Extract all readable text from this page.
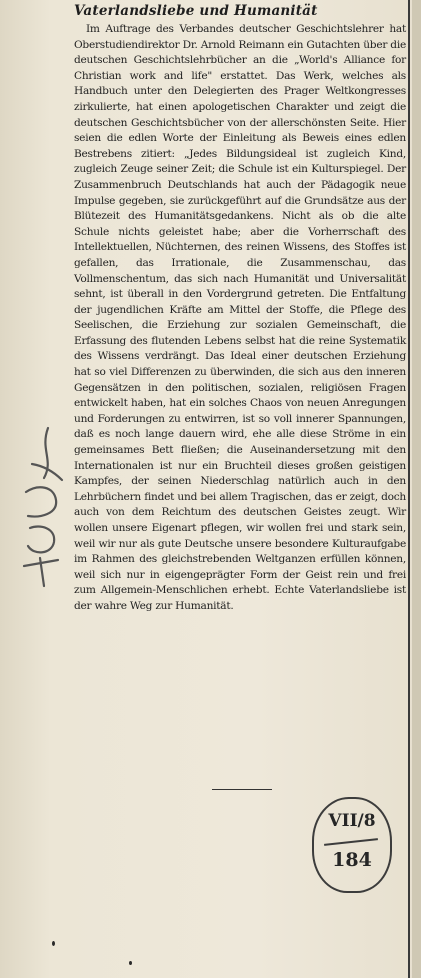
Vaterlandsliebe und Humanität

Im Auftrage des Verbandes deutscher Geschichtslehrer hat Oberstudiendirektor Dr. Arnold Reimann ein Gutachten über die deutschen Geschichtslehrbücher an die „World's Alliance for Christian work and life" erstattet. Das Werk, welches als Handbuch unter den Delegierten des Prager Weltkongresses zirkulierte, hat einen apologetischen Charakter und zeigt die deutschen Geschichtsbücher von der allerschönsten Seite. Hier seien die edlen Worte der Einleitung als Beweis eines edlen Bestrebens zitiert: „Jedes Bildungsideal ist zugleich Kind, zugleich Zeuge seiner Zeit; die Schule ist ein Kulturspiegel. Der Zusammenbruch Deutschlands hat auch der Pädagogik neue Impulse gegeben, sie zurückgeführt auf die Grundsätze aus der Blütezeit des Humanitätsgedankens. Nicht als ob die alte Schule nichts geleistet habe; aber die Vorherrschaft des Intellektuellen, Nüchternen, des reinen Wissens, des Stoffes ist gefallen, das Irrationale, die Zusammenschau, das Vollmenschentum, das sich nach Humanität und Universalität sehnt, ist überall in den Vordergrund getreten. Die Entfaltung der jugendlichen Kräfte am Mittel der Stoffe, die Pflege des Seelischen, die Erziehung zur sozialen Gemeinschaft, die Erfassung des flutenden Lebens selbst hat die reine Systematik des Wissens verdrängt. Das Ideal einer deutschen Erziehung hat so viel Differenzen zu überwinden, die sich aus den inneren Gegensätzen in den politischen, sozialen, religiösen Fragen entwickelt haben, hat ein solches Chaos von neuen Anregungen und Forderungen zu entwirren, ist so voll innerer Spannungen, daß es noch lange dauern wird, ehe alle diese Ströme in ein gemeinsames Bett fließen; die Auseinandersetzung mit den Internationalen ist nur ein Bruchteil dieses großen geistigen Kampfes, der seinen Niederschlag natürlich auch in den Lehrbüchern findet und bei allem Tragischen, das er zeigt, doch auch von dem Reichtum des deutschen Geistes zeugt. Wir wollen unsere Eigenart pflegen, wir wollen frei und stark sein, weil wir nur als gute Deutsche unsere besondere Kulturaufgabe im Rahmen des gleichstrebenden Weltganzen erfüllen können, weil sich nur in eigengeprägter Form der Geist rein und frei zum Allgemein-Menschlichen erhebt. Echte Vaterlandsliebe ist der wahre Weg zur Humanität.

VII/8
184
